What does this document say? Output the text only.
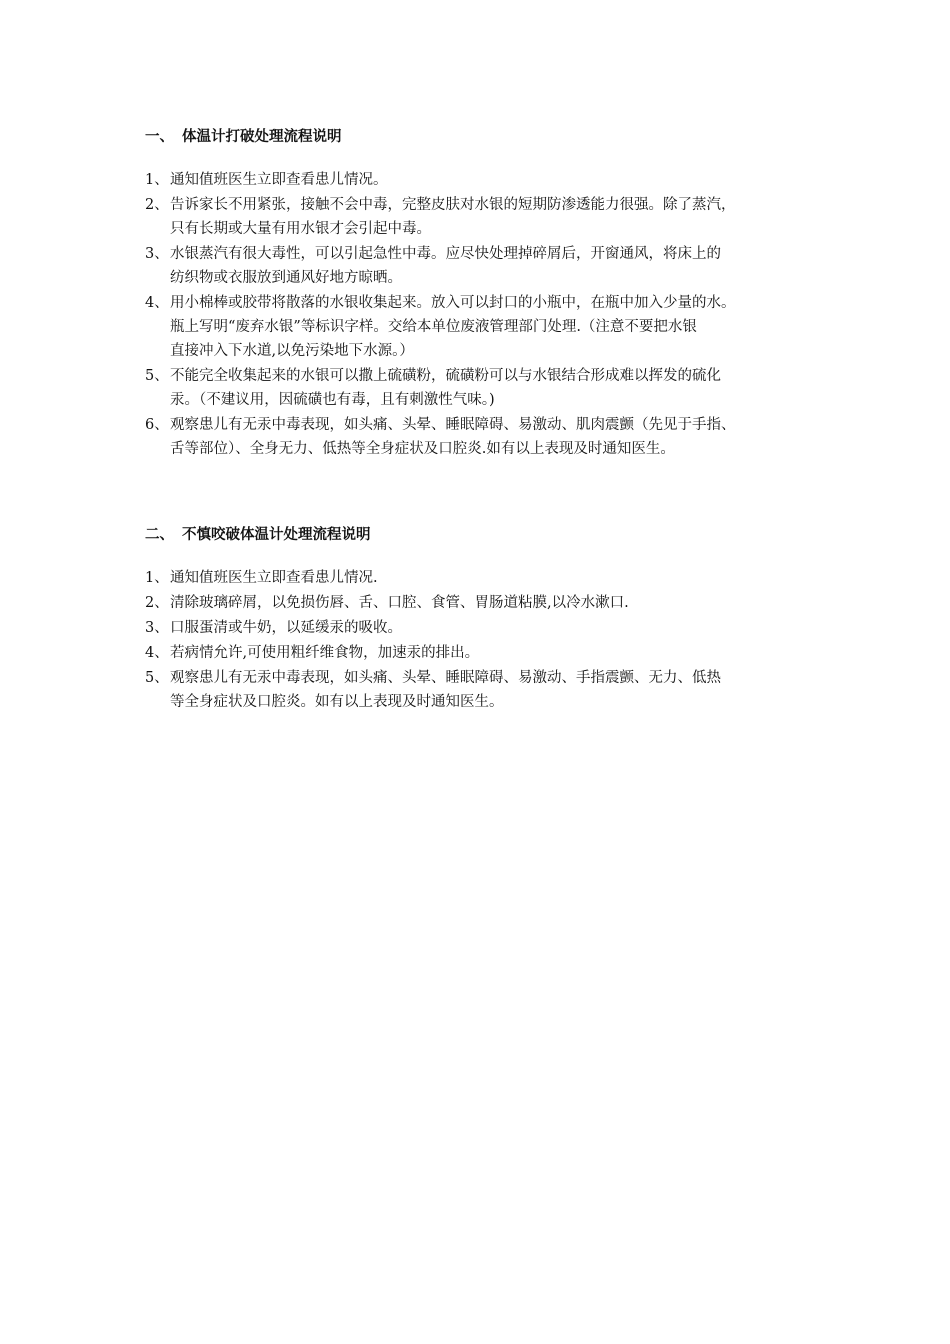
一、 体温计打破处理流程说明
1、 通知值班医生立即查看患儿情况。
2、 告诉家长不用紧张，接触不会中毒，完整皮肤对水银的短期防渗透能力很强。除了蒸汽，
只有长期或大量有用水银才会引起中毒。
3、 水银蒸汽有很大毒性，可以引起急性中毒。应尽快处理掉碎屑后，开窗通风，将床上的
纺织物或衣服放到通风好地方晾晒。
4、 用小棉棒或胶带将散落的水银收集起来。放入可以封口的小瓶中，在瓶中加入少量的水。
瓶上写明“废弃水银”等标识字样。交给本单位废液管理部门处理.（注意不要把水银
直接冲入下水道,以免污染地下水源。）
5、 不能完全收集起来的水银可以撒上硫磺粉，硫磺粉可以与水银结合形成难以挥发的硫化
汞。（不建议用，因硫磺也有毒，且有刺激性气味。)
6、 观察患儿有无汞中毒表现，如头痛、头晕、睡眠障碍、易激动、肌肉震颤（先见于手指、
舌等部位）、全身无力、低热等全身症状及口腔炎.如有以上表现及时通知医生。
二、 不慎咬破体温计处理流程说明
1、 通知值班医生立即查看患儿情况.
2、 清除玻璃碎屑，以免损伤唇、舌、口腔、食管、胃肠道粘膜,以冷水漱口.
3、 口服蛋清或牛奶，以延缓汞的吸收。
4、 若病情允许,可使用粗纤维食物，加速汞的排出。
5、 观察患儿有无汞中毒表现，如头痛、头晕、睡眠障碍、易激动、手指震颤、无力、低热
等全身症状及口腔炎。如有以上表现及时通知医生。
